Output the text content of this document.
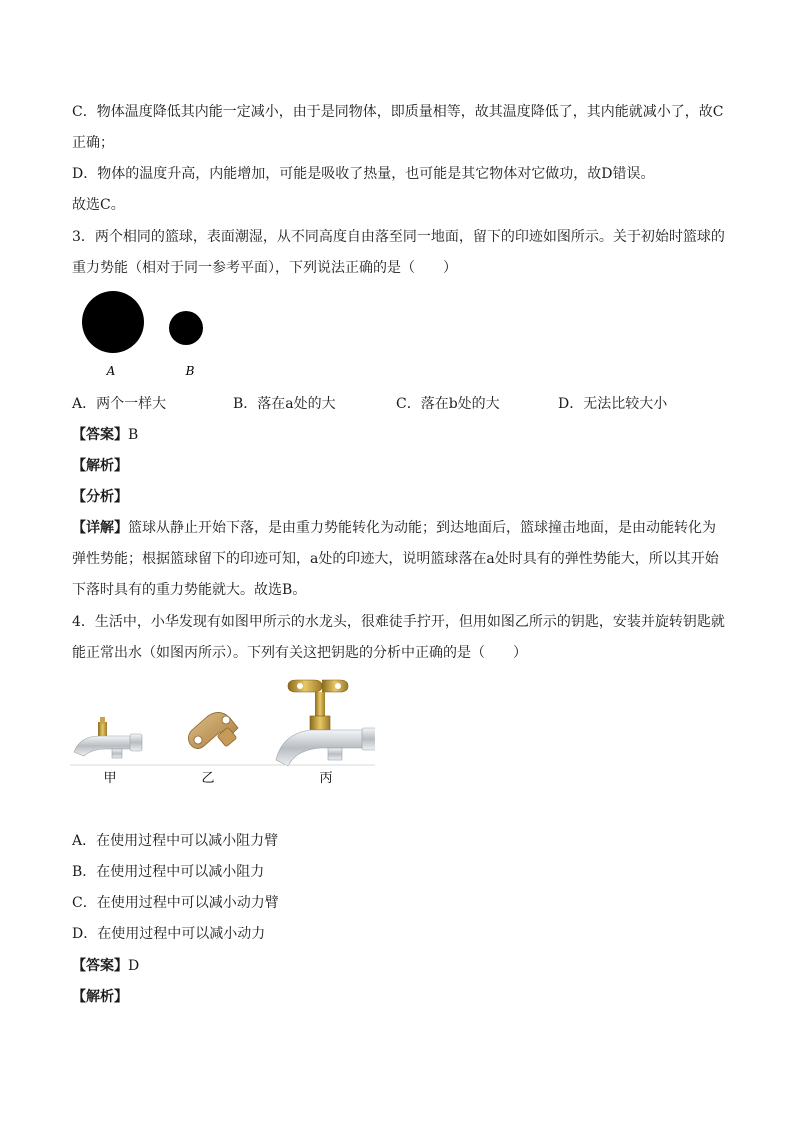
C．物体温度降低其内能一定减小，由于是同物体，即质量相等，故其温度降低了，其内能就减小了，故C
正确；
D．物体的温度升高，内能增加，可能是吸收了热量，也可能是其它物体对它做功，故D错误。
故选C。
3．两个相同的篮球，表面潮湿，从不同高度自由落至同一地面，留下的印迹如图所示。关于初始时篮球的
重力势能（相对于同一参考平面），下列说法正确的是（　　）
A	B
A．两个一样大	B．落在a处的大	C．落在b处的大	D．无法比较大小
【答案】B
【解析】
【分析】
【详解】篮球从静止开始下落，是由重力势能转化为动能；到达地面后，篮球撞击地面，是由动能转化为
弹性势能；根据篮球留下的印迹可知，a处的印迹大，说明篮球落在a处时具有的弹性势能大，所以其开始
下落时具有的重力势能就大。故选B。
4．生活中，小华发现有如图甲所示的水龙头，很难徒手拧开，但用如图乙所示的钥匙，安装并旋转钥匙就
能正常出水（如图丙所示）。下列有关这把钥匙的分析中正确的是（　　）
甲	乙	丙
A．在使用过程中可以减小阻力臂
B．在使用过程中可以减小阻力
C．在使用过程中可以减小动力臂
D．在使用过程中可以减小动力
【答案】D
【解析】
